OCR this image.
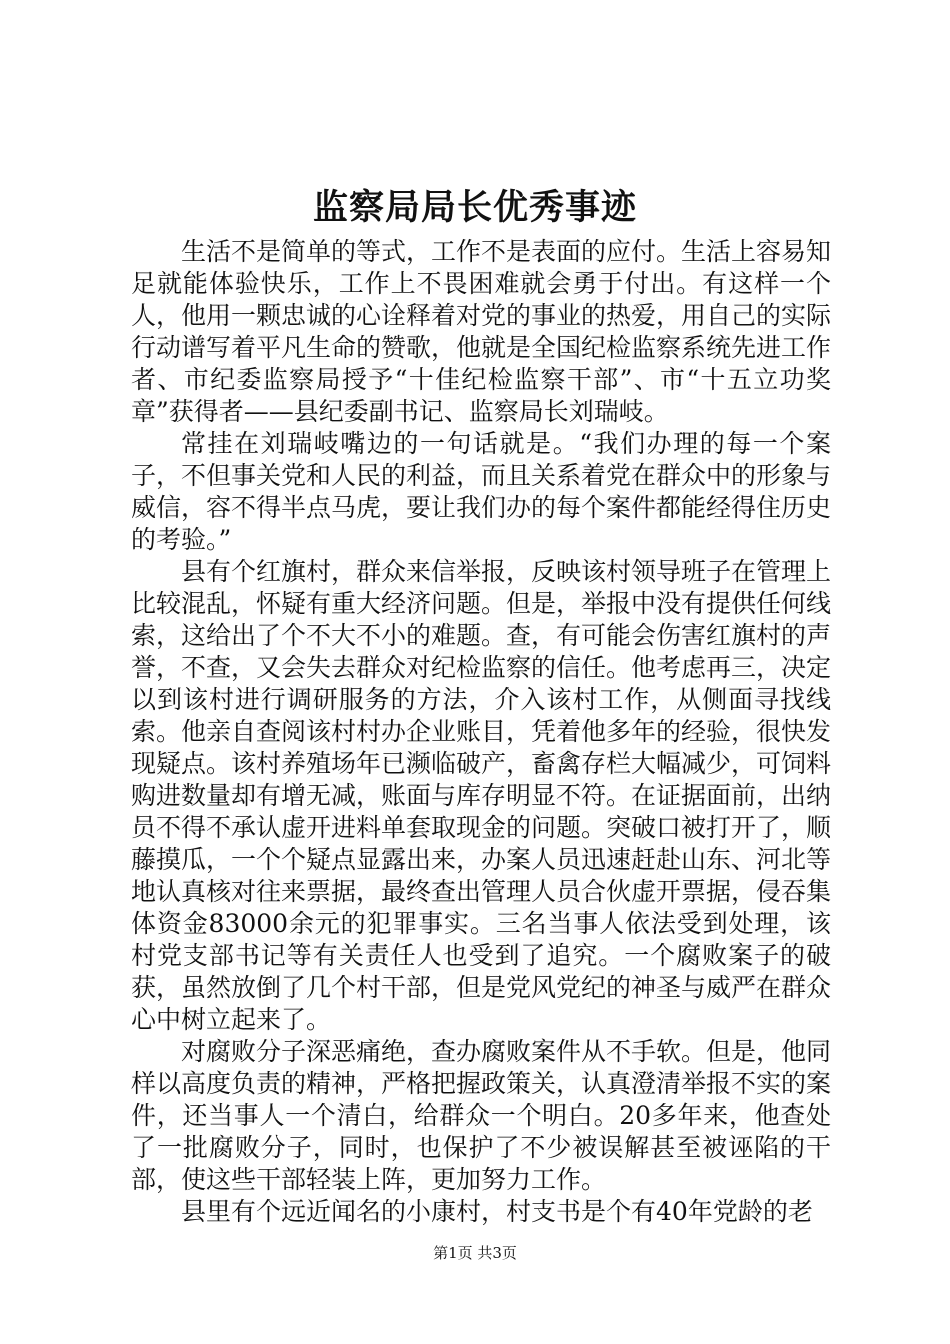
监察局局长优秀事迹

生活不是简单的等式，工作不是表面的应付。生活上容易知足就能体验快乐，工作上不畏困难就会勇于付出。有这样一个人，他用一颗忠诚的心诠释着对党的事业的热爱，用自己的实际行动谱写着平凡生命的赞歌，他就是全国纪检监察系统先进工作者、市纪委监察局授予“十佳纪检监察干部”、市“十五立功奖章”获得者——县纪委副书记、监察局长刘瑞岐。

常挂在刘瑞岐嘴边的一句话就是。“我们办理的每一个案子，不但事关党和人民的利益，而且关系着党在群众中的形象与威信，容不得半点马虎，要让我们办的每个案件都能经得住历史的考验。”

县有个红旗村，群众来信举报，反映该村领导班子在管理上比较混乱，怀疑有重大经济问题。但是，举报中没有提供任何线索，这给出了个不大不小的难题。查，有可能会伤害红旗村的声誉，不查，又会失去群众对纪检监察的信任。他考虑再三，决定以到该村进行调研服务的方法，介入该村工作，从侧面寻找线索。他亲自查阅该村村办企业账目，凭着他多年的经验，很快发现疑点。该村养殖场年已濒临破产，畜禽存栏大幅减少，可饲料购进数量却有增无减，账面与库存明显不符。在证据面前，出纳员不得不承认虚开进料单套取现金的问题。突破口被打开了，顺藤摸瓜，一个个疑点显露出来，办案人员迅速赶赴山东、河北等地认真核对往来票据，最终查出管理人员合伙虚开票据，侵吞集体资金83000余元的犯罪事实。三名当事人依法受到处理，该村党支部书记等有关责任人也受到了追究。一个腐败案子的破获，虽然放倒了几个村干部，但是党风党纪的神圣与威严在群众心中树立起来了。

对腐败分子深恶痛绝，查办腐败案件从不手软。但是，他同样以高度负责的精神，严格把握政策关，认真澄清举报不实的案件，还当事人一个清白，给群众一个明白。20多年来，他查处了一批腐败分子，同时，也保护了不少被误解甚至被诬陷的干部，使这些干部轻装上阵，更加努力工作。

县里有个远近闻名的小康村，村支书是个有40年党龄的老

第1页 共3页
